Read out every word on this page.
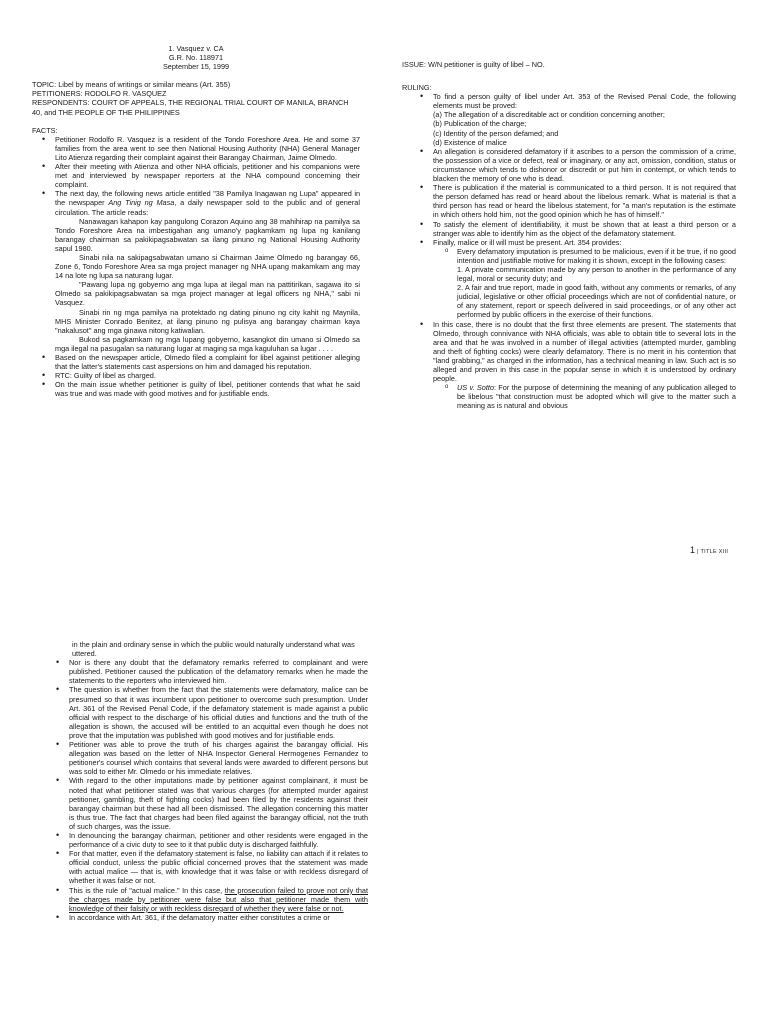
1. Vasquez v. CA
G.R. No. 118971
September 15, 1999

TOPIC: Libel by means of writings or similar means (Art. 355)

PETITIONERS: RODOLFO R. VASQUEZ

RESPONDENTS: COURT OF APPEALS, THE REGIONAL TRIAL COURT OF MANILA, BRANCH 40, and THE PEOPLE OF THE PHILIPPINES

FACTS:

• Petitioner Rodolfo R. Vasquez is a resident of the Tondo Foreshore Area. He and some 37 families from the area went to see then National Housing Authority (NHA) General Manager Lito Atienza regarding their complaint against their Barangay Chairman, Jaime Olmedo.
• After their meeting with Atienza and other NHA officials, petitioner and his companions were met and interviewed by newspaper reporters at the NHA compound concerning their complaint.
• The next day, the following news article entitled "38 Pamilya Inagawan ng Lupa" appeared in the newspaper Ang Tinig ng Masa, a daily newspaper sold to the public and of general circulation. The article reads:

Nanawagan kahapon kay pangulong Corazon Aquino ang 38 mahihirap na pamilya sa Tondo Foreshore Area na imbestigahan ang umano'y pagkamkam ng lupa ng kanilang barangay chairman sa pakikipagsabwatan sa ilang pinuno ng National Housing Authority sapul 1980.

Sinabi nila na sakipagsabwatan umano si Chairman Jaime Olmedo ng barangay 66, Zone 6, Tondo Foreshore Area sa mga project manager ng NHA upang makamkam ang may 14 na lote ng lupa sa naturang lugar.

"Pawang lupa ng gobyerno ang mga lupa at ilegal man na pattitirikan, sagawa ito si Olmedo sa pakikipagsabwatan sa mga project manager at legal officers ng NHA," sabi ni Vasquez.

Sinabi rin ng mga pamilya na protektado ng dating pinuno ng city kahit ng Maynila, MHS Minister Conrado Benitez, at ilang pinuno ng pulisya ang barangay chairman kaya "nakalusot" ang mga ginawa nitong katiwalian.

Bukod sa pagkamkam ng mga lupang gobyerno, kasangkot din umano si Olmedo sa mga ilegal na pasugalan sa naturang lugar at maging sa mga kaguluhan sa lugar . . . .

• Based on the newspaper article, Olmedo filed a complaint for libel against petitioner alleging that the latter's statements cast aspersions on him and damaged his reputation.
• RTC: Guilty of libel as charged.
• On the main issue whether petitioner is guilty of libel, petitioner contends that what he said was true and was made with good motives and for justifiable ends.

ISSUE: W/N petitioner is guilty of libel – NO.

RULING:

• To find a person guilty of libel under Art. 353 of the Revised Penal Code, the following elements must be proved:

(a) The allegation of a discreditable act or condition concerning another;

(b) Publication of the charge;

(c) Identity of the person defamed; and

(d) Existence of malice

• An allegation is considered defamatory if it ascribes to a person the commission of a crime, the possession of a vice or defect, real or imaginary, or any act, omission, condition, status or circumstance which tends to dishonor or discredit or put him in contempt, or which tends to blacken the memory of one who is dead.
• There is publication if the material is communicated to a third person. It is not required that the person defamed has read or heard about the libelous remark. What is material is that a third person has read or heard the libelous statement, for "a man's reputation is the estimate in which others hold him, not the good opinion which he has of himself."
• To satisfy the element of identifiability, it must be shown that at least a third person or a stranger was able to identify him as the object of the defamatory statement.
• Finally, malice or ill will must be present. Art. 354 provides:
o Every defamatory imputation is presumed to be malicious, even if it be true, if no good intention and justifiable motive for making it is shown, except in the following cases:

1. A private communication made by any person to another in the performance of any legal, moral or security duty; and

2. A fair and true report, made in good faith, without any comments or remarks, of any judicial, legislative or other official proceedings which are not of confidential nature, or of any statement, report or speech delivered in said proceedings, or of any other act performed by public officers in the exercise of their functions.

• In this case, there is no doubt that the first three elements are present. The statements that Olmedo, through connivance with NHA officials, was able to obtain title to several lots in the area and that he was involved in a number of illegal activities (attempted murder, gambling and theft of fighting cocks) were clearly defamatory. There is no merit in his contention that "land grabbing," as charged in the information, has a technical meaning in law. Such act is so alleged and proven in this case in the popular sense in which it is understood by ordinary people.
o US v. Sotto: For the purpose of determining the meaning of any publication alleged to be libelous "that construction must be adopted which will give to the matter such a meaning as is natural and obvious
1 | TITLE XIII

in the plain and ordinary sense in which the public would naturally understand what was uttered.

• Nor is there any doubt that the defamatory remarks referred to complainant and were published. Petitioner caused the publication of the defamatory remarks when he made the statements to the reporters who interviewed him.
• The question is whether from the fact that the statements were defamatory, malice can be presumed so that it was incumbent upon petitioner to overcome such presumption. Under Art. 361 of the Revised Penal Code, if the defamatory statement is made against a public official with respect to the discharge of his official duties and functions and the truth of the allegation is shown, the accused will be entitled to an acquittal even though he does not prove that the imputation was published with good motives and for justifiable ends.
• Petitioner was able to prove the truth of his charges against the barangay official. His allegation was based on the letter of NHA Inspector General Hermogenes Fernandez to petitioner's counsel which contains that several lands were awarded to different persons but was sold to either Mr. Olmedo or his immediate relatives.
• With regard to the other imputations made by petitioner against complainant, it must be noted that what petitioner stated was that various charges (for attempted murder against petitioner, gambling, theft of fighting cocks) had been filed by the residents against their barangay chairman but these had all been dismissed. The allegation concerning this matter is thus true. The fact that charges had been filed against the barangay official, not the truth of such charges, was the issue.
• In denouncing the barangay chairman, petitioner and other residents were engaged in the performance of a civic duty to see to it that public duty is discharged faithfully.
• For that matter, even if the defamatory statement is false, no liability can attach if it relates to official conduct, unless the public official concerned proves that the statement was made with actual malice — that is, with knowledge that it was false or with reckless disregard of whether it was false or not.
• This is the rule of "actual malice." In this case, the prosecution failed to prove not only that the charges made by petitioner were false but also that petitioner made them with knowledge of their falsity or with reckless disregard of whether they were false or not.
• In accordance with Art. 361, if the defamatory matter either constitutes a crime or
